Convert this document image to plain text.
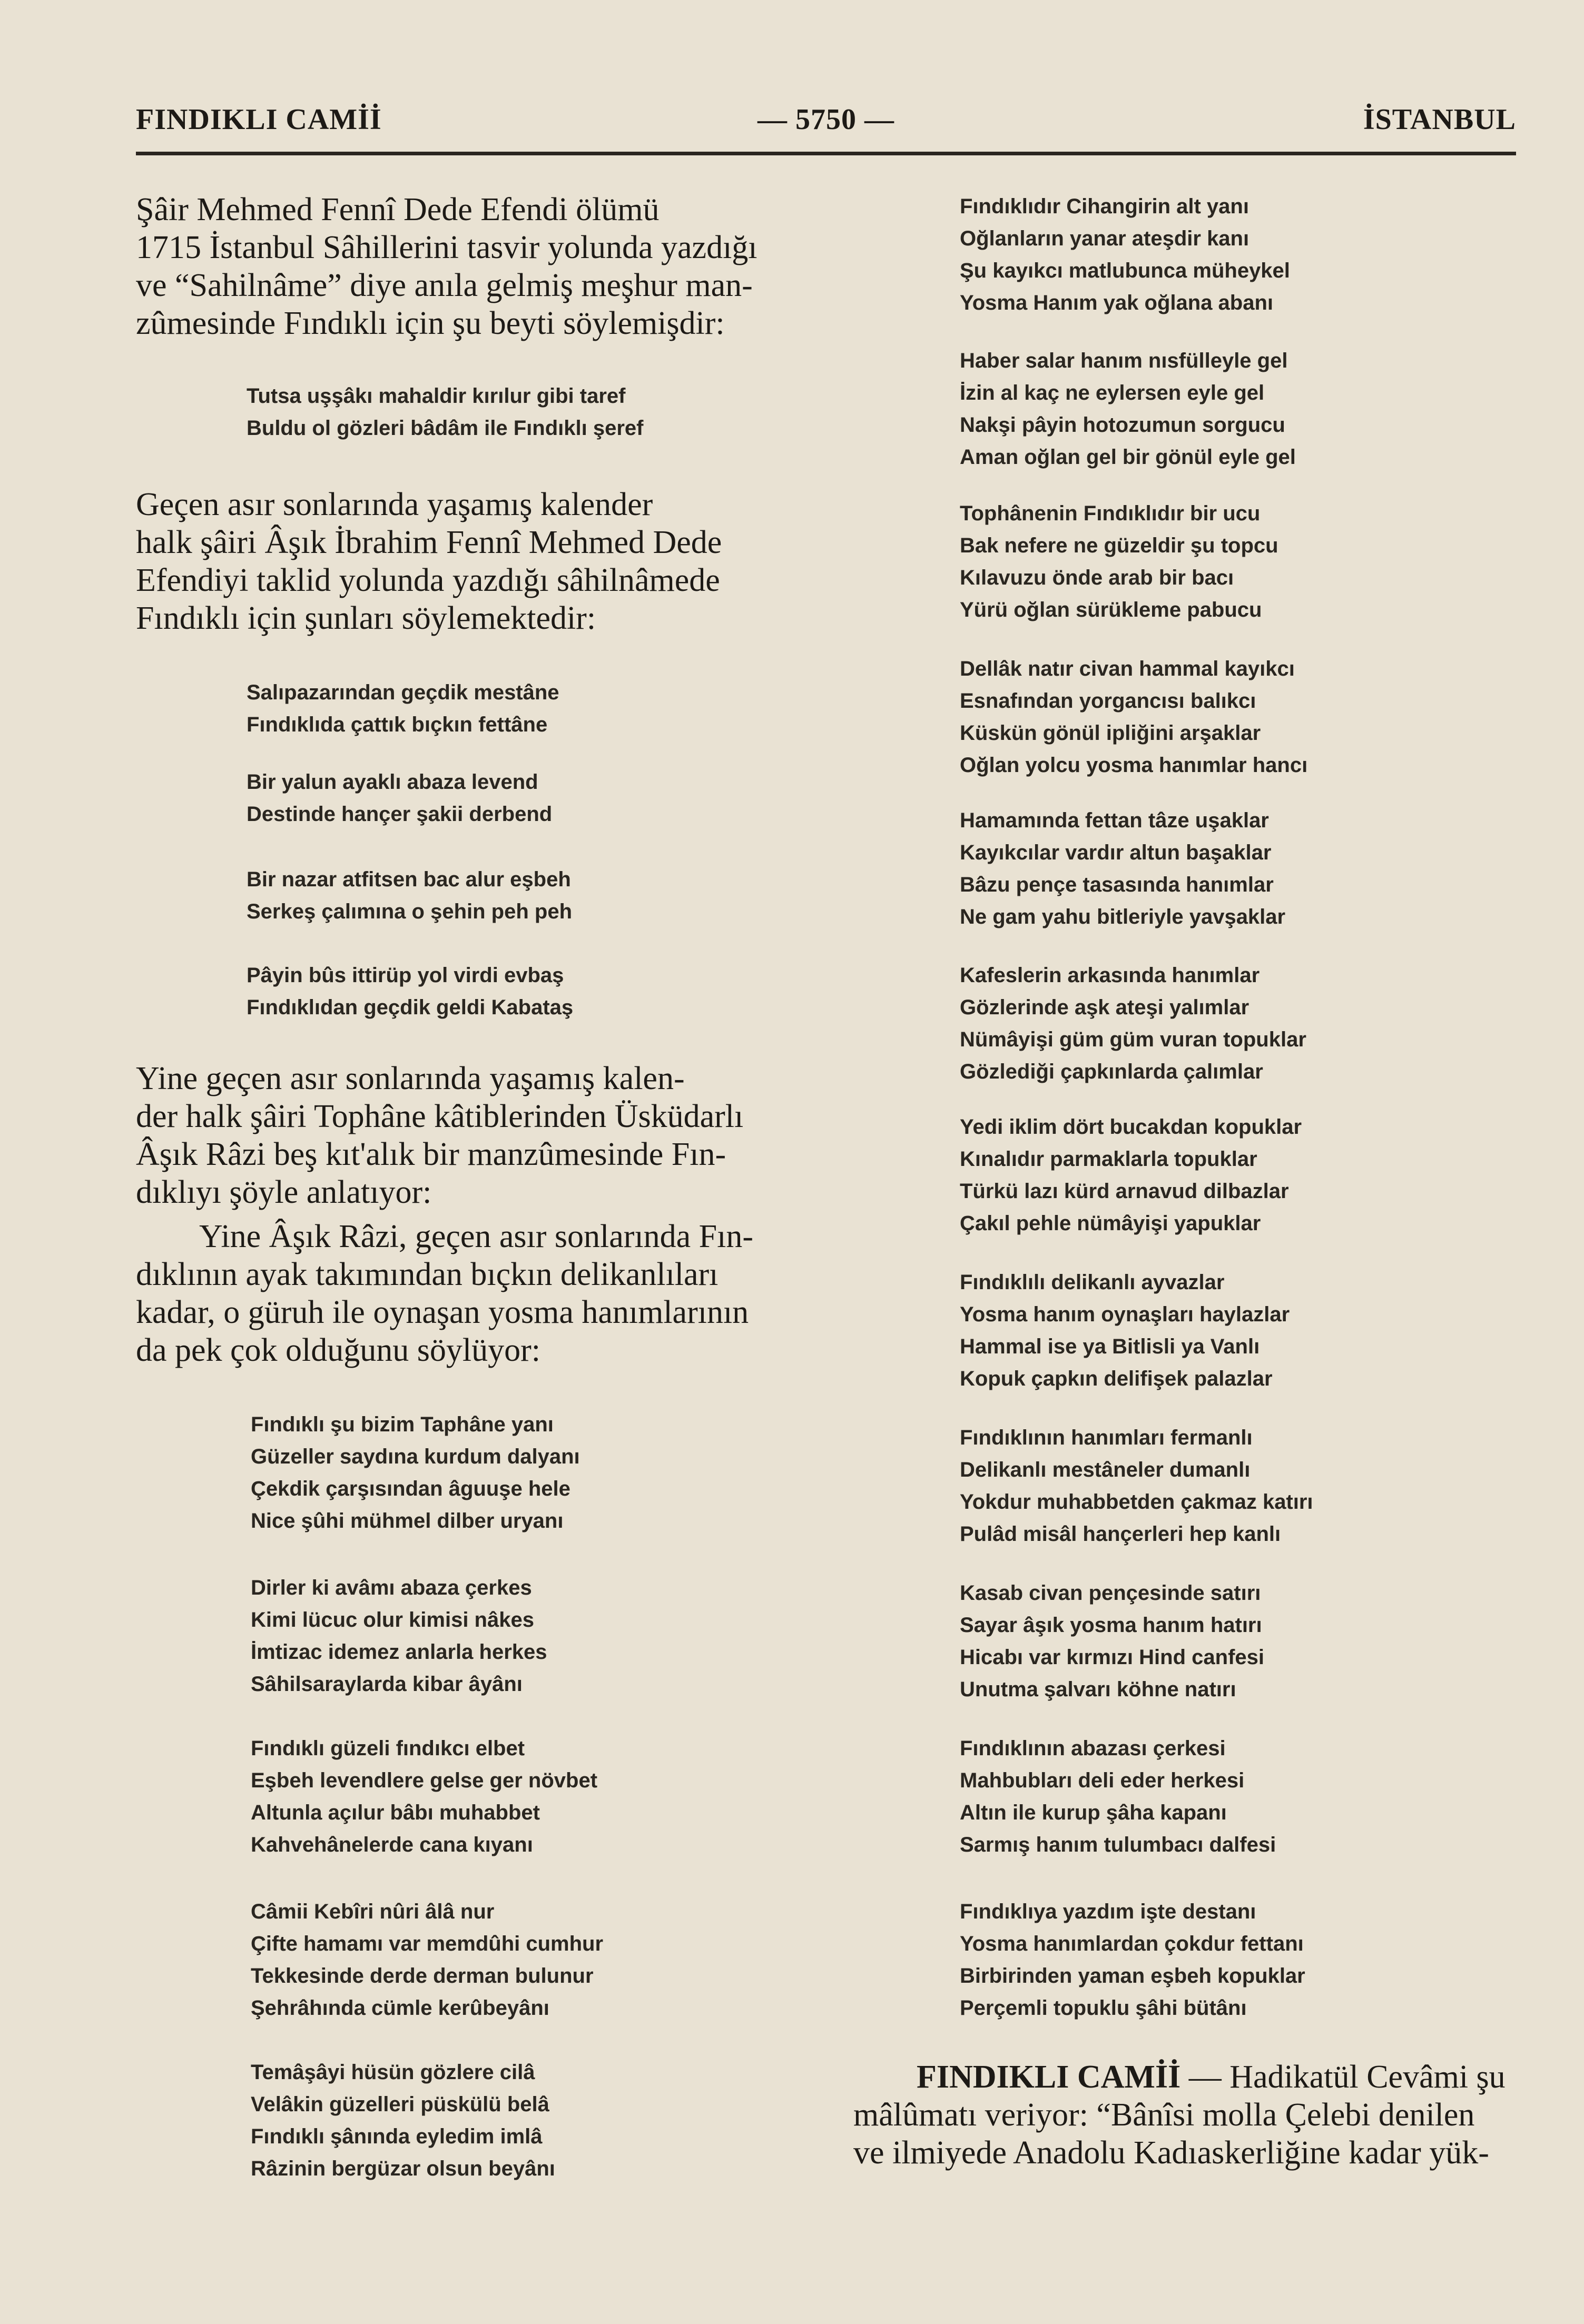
FINDIKLI CAMİİ	— 5750 —	İSTANBUL
Şâir Mehmed Fennî Dede Efendi ölümü
1715 İstanbul Sâhillerini tasvir yolunda yazdığı
ve “Sahilnâme” diye anıla gelmiş meşhur man-
zûmesinde Fındıklı için şu beyti söylemişdir:
Tutsa uşşâkı mahaldir kırılur gibi taref
Buldu ol gözleri bâdâm ile Fındıklı şeref
Geçen asır sonlarında yaşamış kalender
halk şâiri Âşık İbrahim Fennî Mehmed Dede
Efendiyi taklid yolunda yazdığı sâhilnâmede
Fındıklı için şunları söylemektedir:
Salıpazarından geçdik mestâne
Fındıklıda çattık bıçkın fettâne
Bir yalun ayaklı abaza levend
Destinde hançer şakii derbend
Bir nazar atfitsen bac alur eşbeh
Serkeş çalımına o şehin peh peh
Pâyin bûs ittirüp yol virdi evbaş
Fındıklıdan geçdik geldi Kabataş
Yine geçen asır sonlarında yaşamış kalen-
der halk şâiri Tophâne kâtiblerinden Üsküdarlı
Âşık Râzi beş kıt'alık bir manzûmesinde Fın-
dıklıyı şöyle anlatıyor:
Yine Âşık Râzi, geçen asır sonlarında Fın-
dıklının ayak takımından bıçkın delikanlıları
kadar, o güruh ile oynaşan yosma hanımlarının
da pek çok olduğunu söylüyor:
Fındıklı şu bizim Taphâne yanı
Güzeller saydına kurdum dalyanı
Çekdik çarşısından âguuşe hele
Nice şûhi mühmel dilber uryanı
Dirler ki avâmı abaza çerkes
Kimi lücuc olur kimisi nâkes
İmtizac idemez anlarla herkes
Sâhilsaraylarda kibar âyânı
Fındıklı güzeli fındıkcı elbet
Eşbeh levendlere gelse ger növbet
Altunla açılur bâbı muhabbet
Kahvehânelerde cana kıyanı
Câmii Kebîri nûri âlâ nur
Çifte hamamı var memdûhi cumhur
Tekkesinde derde derman bulunur
Şehrâhında cümle kerûbeyânı
Temâşâyi hüsün gözlere cilâ
Velâkin güzelleri püskülü belâ
Fındıklı şânında eyledim imlâ
Râzinin bergüzar olsun beyânı
Fındıklıdır Cihangirin alt yanı
Oğlanların yanar ateşdir kanı
Şu kayıkcı matlubunca müheykel
Yosma Hanım yak oğlana abanı
Haber salar hanım nısfülleyle gel
İzin al kaç ne eylersen eyle gel
Nakşi pâyin hotozumun sorgucu
Aman oğlan gel bir gönül eyle gel
Tophânenin Fındıklıdır bir ucu
Bak nefere ne güzeldir şu topcu
Kılavuzu önde arab bir bacı
Yürü oğlan sürükleme pabucu
Dellâk natır civan hammal kayıkcı
Esnafından yorgancısı balıkcı
Küskün gönül ipliğini arşaklar
Oğlan yolcu yosma hanımlar hancı
Hamamında fettan tâze uşaklar
Kayıkcılar vardır altun başaklar
Bâzu pençe tasasında hanımlar
Ne gam yahu bitleriyle yavşaklar
Kafeslerin arkasında hanımlar
Gözlerinde aşk ateşi yalımlar
Nümâyişi güm güm vuran topuklar
Gözlediği çapkınlarda çalımlar
Yedi iklim dört bucakdan kopuklar
Kınalıdır parmaklarla topuklar
Türkü lazı kürd arnavud dilbazlar
Çakıl pehle nümâyişi yapuklar
Fındıklılı delikanlı ayvazlar
Yosma hanım oynaşları haylazlar
Hammal ise ya Bitlisli ya Vanlı
Kopuk çapkın delifişek palazlar
Fındıklının hanımları fermanlı
Delikanlı mestâneler dumanlı
Yokdur muhabbetden çakmaz katırı
Pulâd misâl hançerleri hep kanlı
Kasab civan pençesinde satırı
Sayar âşık yosma hanım hatırı
Hicabı var kırmızı Hind canfesi
Unutma şalvarı köhne natırı
Fındıklının abazası çerkesi
Mahbubları deli eder herkesi
Altın ile kurup şâha kapanı
Sarmış hanım tulumbacı dalfesi
Fındıklıya yazdım işte destanı
Yosma hanımlardan çokdur fettanı
Birbirinden yaman eşbeh kopuklar
Perçemli topuklu şâhi bütânı
FINDIKLI CAMİİ — Hadikatül Cevâmi şu
mâlûmatı veriyor: “Bânîsi molla Çelebi denilen
ve ilmiyede Anadolu Kadıaskerliğine kadar yük-
